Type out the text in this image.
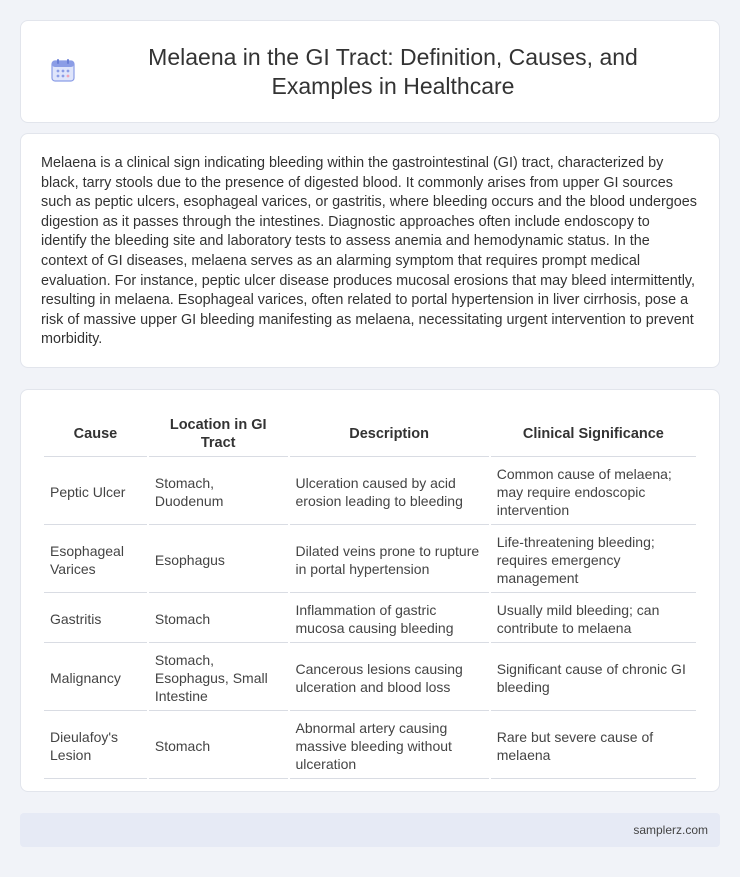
Melaena in the GI Tract: Definition, Causes, and Examples in Healthcare

Melaena is a clinical sign indicating bleeding within the gastrointestinal (GI) tract, characterized by black, tarry stools due to the presence of digested blood. It commonly arises from upper GI sources such as peptic ulcers, esophageal varices, or gastritis, where bleeding occurs and the blood undergoes digestion as it passes through the intestines. Diagnostic approaches often include endoscopy to identify the bleeding site and laboratory tests to assess anemia and hemodynamic status. In the context of GI diseases, melaena serves as an alarming symptom that requires prompt medical evaluation. For instance, peptic ulcer disease produces mucosal erosions that may bleed intermittently, resulting in melaena. Esophageal varices, often related to portal hypertension in liver cirrhosis, pose a risk of massive upper GI bleeding manifesting as melaena, necessitating urgent intervention to prevent morbidity.

Cause	Location in GI Tract	Description	Clinical Significance
Peptic Ulcer	Stomach, Duodenum	Ulceration caused by acid erosion leading to bleeding	Common cause of melaena; may require endoscopic intervention
Esophageal Varices	Esophagus	Dilated veins prone to rupture in portal hypertension	Life-threatening bleeding; requires emergency management
Gastritis	Stomach	Inflammation of gastric mucosa causing bleeding	Usually mild bleeding; can contribute to melaena
Malignancy	Stomach, Esophagus, Small Intestine	Cancerous lesions causing ulceration and blood loss	Significant cause of chronic GI bleeding
Dieulafoy's Lesion	Stomach	Abnormal artery causing massive bleeding without ulceration	Rare but severe cause of melaena
samplerz.com
